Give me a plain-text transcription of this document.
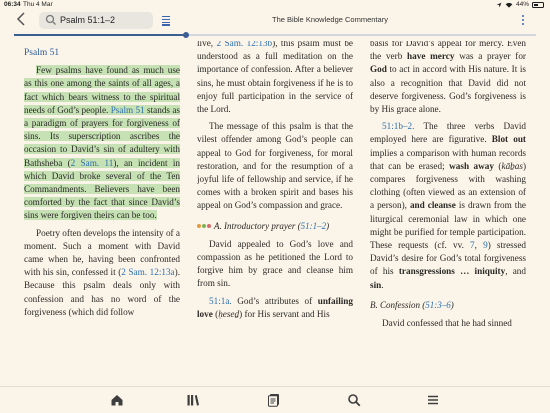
06:34 Thu 4 Mar	44%
Psalm 51:1–2	The Bible Knowledge Commentary
Psalm 51

Few psalms have found as much use as this one among the saints of all ages, a fact which bears witness to the spiritual needs of God’s people. Psalm 51 stands as a paradigm of prayers for forgiveness of sins. Its superscription ascribes the occasion to David’s sin of adultery with Bathsheba (2 Sam. 11), an incident in which David broke several of the Ten Commandments. Believers have been comforted by the fact that since David’s sins were forgiven theirs can be too.

Poetry often develops the intensity of a moment. Such a moment with David came when he, having been confronted with his sin, confessed it (2 Sam. 12:13a). Because this psalm deals only with confession and has no word of the forgiveness (which did follow

live, 2 Sam. 12:13b), this psalm must be understood as a full meditation on the importance of confession. After a believer sins, he must obtain forgiveness if he is to enjoy full participation in the service of the Lord.

The message of this psalm is that the vilest offender among God’s people can appeal to God for forgiveness, for moral restoration, and for the resumption of a joyful life of fellowship and service, if he comes with a broken spirit and bases his appeal on God’s compassion and grace.

A. Introductory prayer (51:1–2)

David appealed to God’s love and compassion as he petitioned the Lord to forgive him by grace and cleanse him from sin.

51:1a. God’s attributes of unfailing love (ḥeseḏ) for His servant and His

basis for David’s appeal for mercy. Even the verb have mercy was a prayer for God to act in accord with His nature. It is also a recognition that David did not deserve forgiveness. God’s forgiveness is by His grace alone.

51:1b–2. The three verbs David employed here are figurative. Blot out implies a comparison with human records that can be erased; wash away (kāḇas) compares forgiveness with washing clothing (often viewed as an extension of a person), and cleanse is drawn from the liturgical ceremonial law in which one might be purified for temple participation. These requests (cf. vv. 7, 9) stressed David’s desire for God’s total forgiveness of his transgressions … iniquity, and sin.

B. Confession (51:3–6)

David confessed that he had sinned
